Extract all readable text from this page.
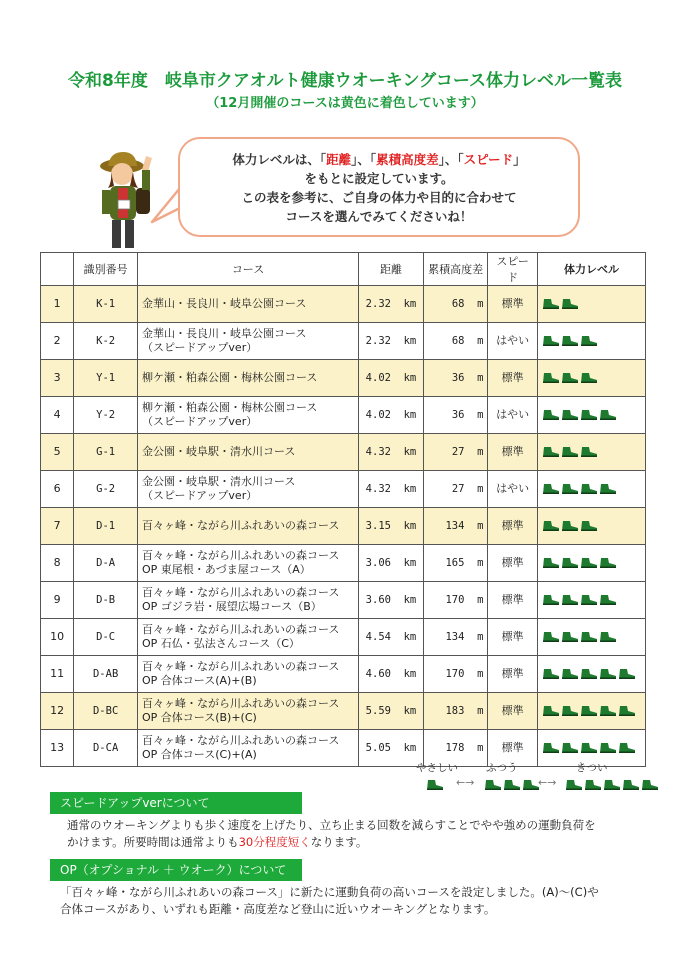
令和8年度　岐阜市クアオルト健康ウオーキングコース体力レベル一覧表
（12月開催のコースは黄色に着色しています）
体力レベルは、「距離」、「累積高度差」、「スピード」
をもとに設定しています。
この表を参考に、ご自身の体力や目的に合わせて
コースを選んでみてくださいね！
	識別番号	コース	距離	累積高度差	スピード	体力レベル
1	K-1	金華山・長良川・岐阜公園コース	2.32  km	68  m	標準	

2	K-2	金華山・長良川・岐阜公園コース
（スピードアップver）	2.32  km	68  m	はやい	

3	Y-1	柳ケ瀬・粕森公園・梅林公園コース	4.02  km	36  m	標準	

4	Y-2	柳ケ瀬・粕森公園・梅林公園コース
（スピードアップver）	4.02  km	36  m	はやい	

5	G-1	金公園・岐阜駅・清水川コース	4.32  km	27  m	標準	

6	G-2	金公園・岐阜駅・清水川コース
（スピードアップver）	4.32  km	27  m	はやい	

7	D-1	百々ヶ峰・ながら川ふれあいの森コース	3.15  km	134  m	標準	

8	D-A	百々ヶ峰・ながら川ふれあいの森コース
OP 東尾根・あづま屋コース（A）	3.06  km	165  m	標準	

9	D-B	百々ヶ峰・ながら川ふれあいの森コース
OP ゴジラ岩・展望広場コース（B）	3.60  km	170  m	標準	

10	D-C	百々ヶ峰・ながら川ふれあいの森コース
OP 石仏・弘法さんコース（C）	4.54  km	134  m	標準	

11	D-AB	百々ヶ峰・ながら川ふれあいの森コース
OP 合体コース(A)+(B)	4.60  km	170  m	標準	

12	D-BC	百々ヶ峰・ながら川ふれあいの森コース
OP 合体コース(B)+(C)	5.59  km	183  m	標準	

13	D-CA	百々ヶ峰・ながら川ふれあいの森コース
OP 合体コース(C)+(A)	5.05  km	178  m	標準	
やさしい	ふつう	きつい
←→	←→
スピードアップverについて
通常のウオーキングよりも歩く速度を上げたり、立ち止まる回数を減らすことでやや強めの運動負荷を
かけます。所要時間は通常よりも30分程度短くなります。
OP（オプショナル ＋ ウオーク）について
「百々ヶ峰・ながら川ふれあいの森コース」に新たに運動負荷の高いコースを設定しました。(A)～(C)や
合体コースがあり、いずれも距離・高度差など登山に近いウオーキングとなります。
